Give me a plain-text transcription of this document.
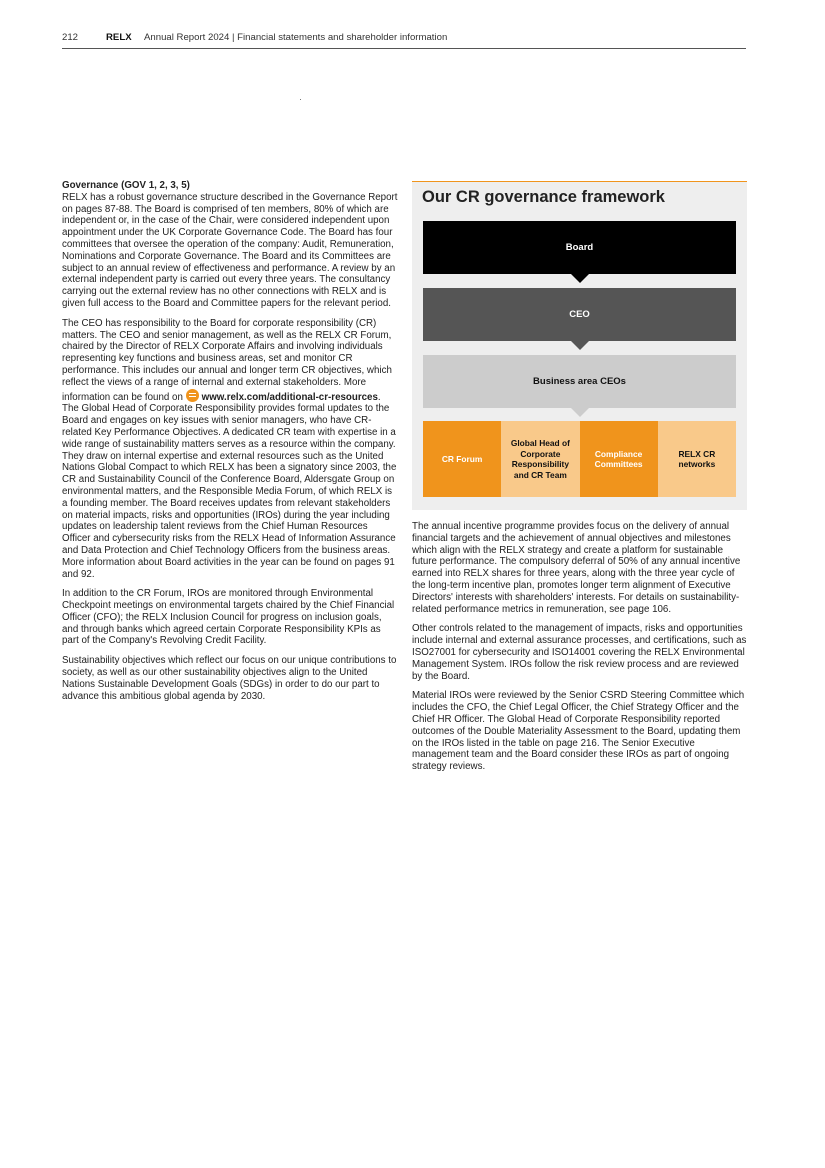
212	RELX Annual Report 2024 | Financial statements and shareholder information

Governance (GOV 1, 2, 3, 5)
RELX has a robust governance structure described in the Governance Report on pages 87-88. The Board is comprised of ten members, 80% of which are independent or, in the case of the Chair, were considered independent upon appointment under the UK Corporate Governance Code. The Board has four committees that oversee the operation of the company: Audit, Remuneration, Nominations and Corporate Governance. The Board and its Committees are subject to an annual review of effectiveness and performance. A review by an external independent party is carried out every three years. The consultancy carrying out the external review has no other connections with RELX and is given full access to the Board and Committee papers for the relevant period.

The CEO has responsibility to the Board for corporate responsibility (CR) matters. The CEO and senior management, as well as the RELX CR Forum, chaired by the Director of RELX Corporate Affairs and involving individuals representing key functions and business areas, set and monitor CR performance. This includes our annual and longer term CR objectives, which reflect the views of a range of internal and external stakeholders. More information can be found on www.relx.com/additional-cr-resources. The Global Head of Corporate Responsibility provides formal updates to the Board and engages on key issues with senior managers, who have CR-related Key Performance Objectives. A dedicated CR team with expertise in a wide range of sustainability matters serves as a resource within the company. They draw on internal expertise and external resources such as the United Nations Global Compact to which RELX has been a signatory since 2003, the CR and Sustainability Council of the Conference Board, Aldersgate Group on environmental matters, and the Responsible Media Forum, of which RELX is a founding member. The Board receives updates from relevant stakeholders on material impacts, risks and opportunities (IROs) during the year including updates on leadership talent reviews from the Chief Human Resources Officer and cybersecurity risks from the RELX Head of Information Assurance and Data Protection and Chief Technology Officers from the business areas. More information about Board activities in the year can be found on pages 91 and 92.

In addition to the CR Forum, IROs are monitored through Environmental Checkpoint meetings on environmental targets chaired by the Chief Financial Officer (CFO); the RELX Inclusion Council for progress on inclusion goals, and through banks which agreed certain Corporate Responsibility KPIs as part of the Company's Revolving Credit Facility.

Sustainability objectives which reflect our focus on our unique contributions to society, as well as our other sustainability objectives align to the United Nations Sustainable Development Goals (SDGs) in order to do our part to advance this ambitious global agenda by 2030.

Our CR governance framework
Board
CEO
Business area CEOs
CR Forum
Global Head of Corporate Responsibility and CR Team
Compliance Committees
RELX CR networks

The annual incentive programme provides focus on the delivery of annual financial targets and the achievement of annual objectives and milestones which align with the RELX strategy and create a platform for sustainable future performance. The compulsory deferral of 50% of any annual incentive earned into RELX shares for three years, along with the three year cycle of the long-term incentive plan, promotes longer term alignment of Executive Directors' interests with shareholders' interests. For details on sustainability-related performance metrics in remuneration, see page 106.

Other controls related to the management of impacts, risks and opportunities include internal and external assurance processes, and certifications, such as ISO27001 for cybersecurity and ISO14001 covering the RELX Environmental Management System. IROs follow the risk review process and are reviewed by the Board.

Material IROs were reviewed by the Senior CSRD Steering Committee which includes the CFO, the Chief Legal Officer, the Chief Strategy Officer and the Chief HR Officer. The Global Head of Corporate Responsibility reported outcomes of the Double Materiality Assessment to the Board, updating them on the IROs listed in the table on page 216. The Senior Executive management team and the Board consider these IROs as part of ongoing strategy reviews.
